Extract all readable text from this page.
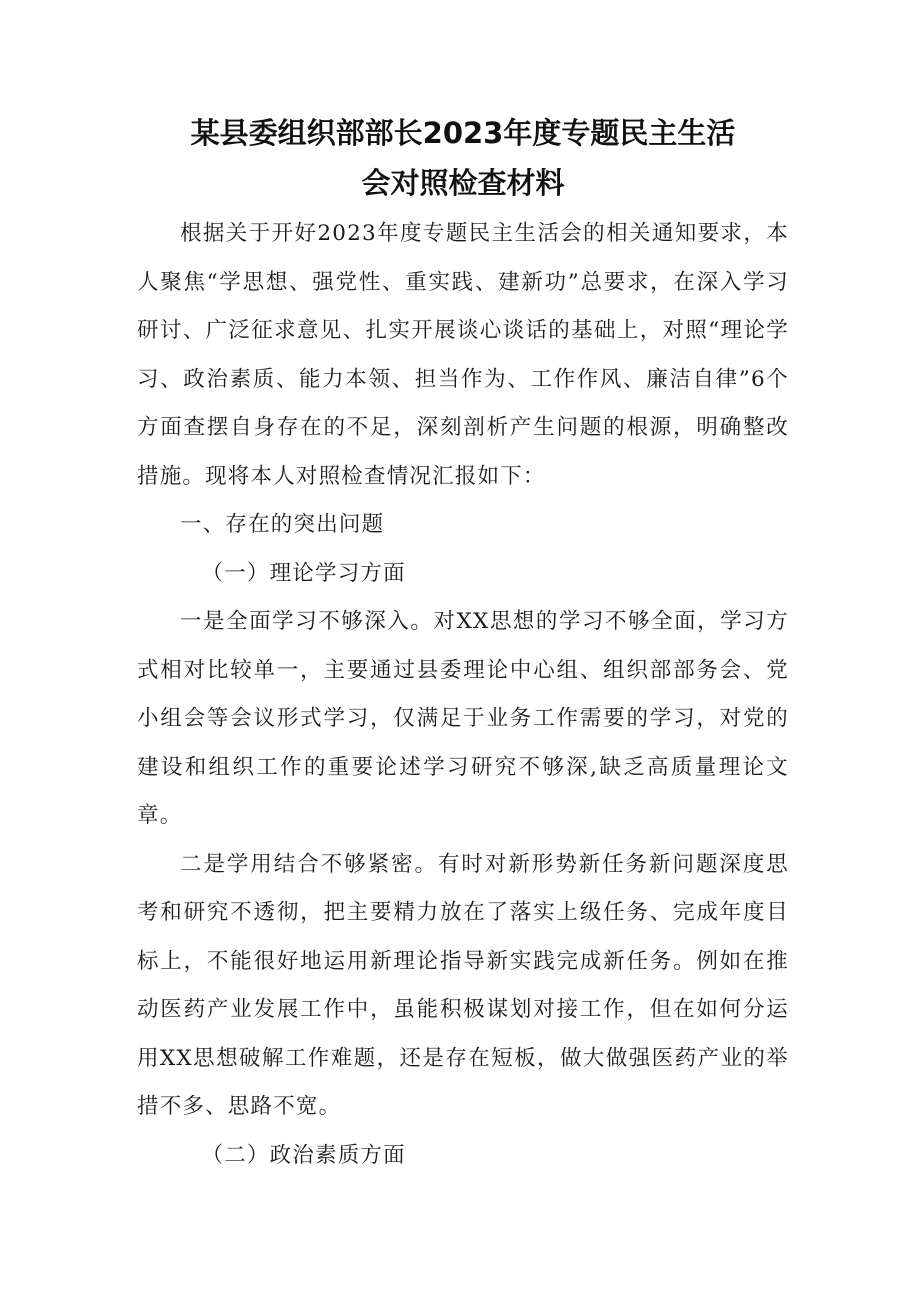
某县委组织部部长2023年度专题民主生活
会对照检查材料

根据关于开好2023年度专题民主生活会的相关通知要求，本人聚焦“学思想、强党性、重实践、建新功”总要求，在深入学习研讨、广泛征求意见、扎实开展谈心谈话的基础上，对照“理论学习、政治素质、能力本领、担当作为、工作作风、廉洁自律”6个方面查摆自身存在的不足，深刻剖析产生问题的根源，明确整改措施。现将本人对照检查情况汇报如下：

一、存在的突出问题

（一）理论学习方面

一是全面学习不够深入。对XX思想的学习不够全面，学习方式相对比较单一，主要通过县委理论中心组、组织部部务会、党小组会等会议形式学习，仅满足于业务工作需要的学习，对党的建设和组织工作的重要论述学习研究不够深,缺乏高质量理论文章。

二是学用结合不够紧密。有时对新形势新任务新问题深度思考和研究不透彻，把主要精力放在了落实上级任务、完成年度目标上，不能很好地运用新理论指导新实践完成新任务。例如在推动医药产业发展工作中，虽能积极谋划对接工作，但在如何分运用XX思想破解工作难题，还是存在短板，做大做强医药产业的举措不多、思路不宽。

（二）政治素质方面
